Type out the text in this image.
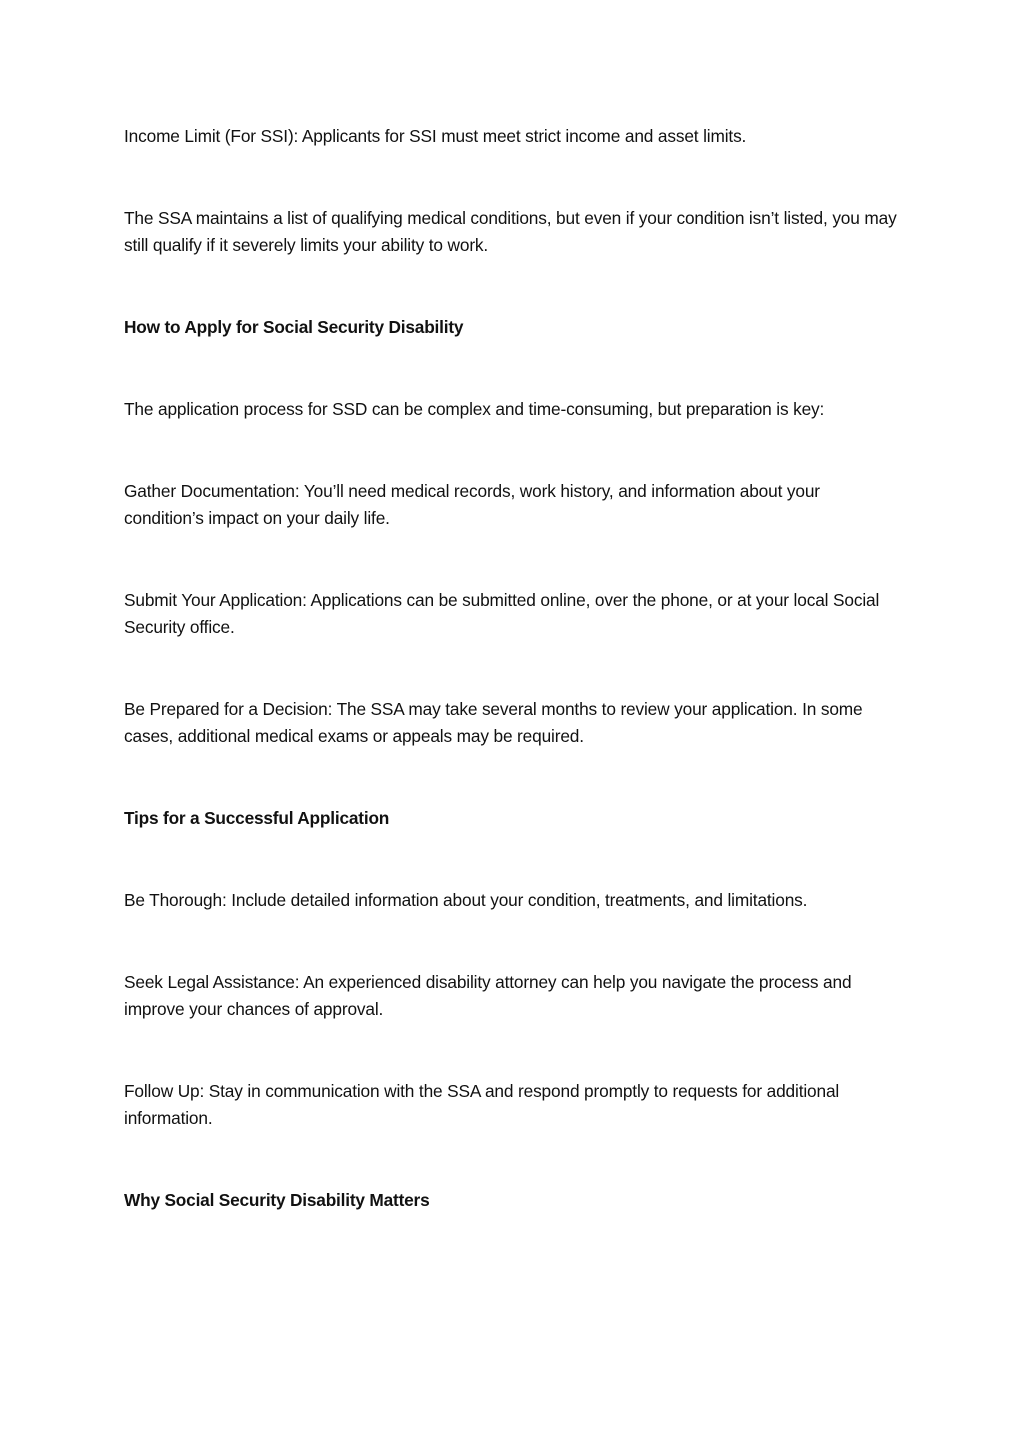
Income Limit (For SSI): Applicants for SSI must meet strict income and asset limits.

The SSA maintains a list of qualifying medical conditions, but even if your condition isn’t listed, you may still qualify if it severely limits your ability to work.

How to Apply for Social Security Disability

The application process for SSD can be complex and time-consuming, but preparation is key:

Gather Documentation: You’ll need medical records, work history, and information about your condition’s impact on your daily life.

Submit Your Application: Applications can be submitted online, over the phone, or at your local Social Security office.

Be Prepared for a Decision: The SSA may take several months to review your application. In some cases, additional medical exams or appeals may be required.

Tips for a Successful Application

Be Thorough: Include detailed information about your condition, treatments, and limitations.

Seek Legal Assistance: An experienced disability attorney can help you navigate the process and improve your chances of approval.

Follow Up: Stay in communication with the SSA and respond promptly to requests for additional information.

Why Social Security Disability Matters
